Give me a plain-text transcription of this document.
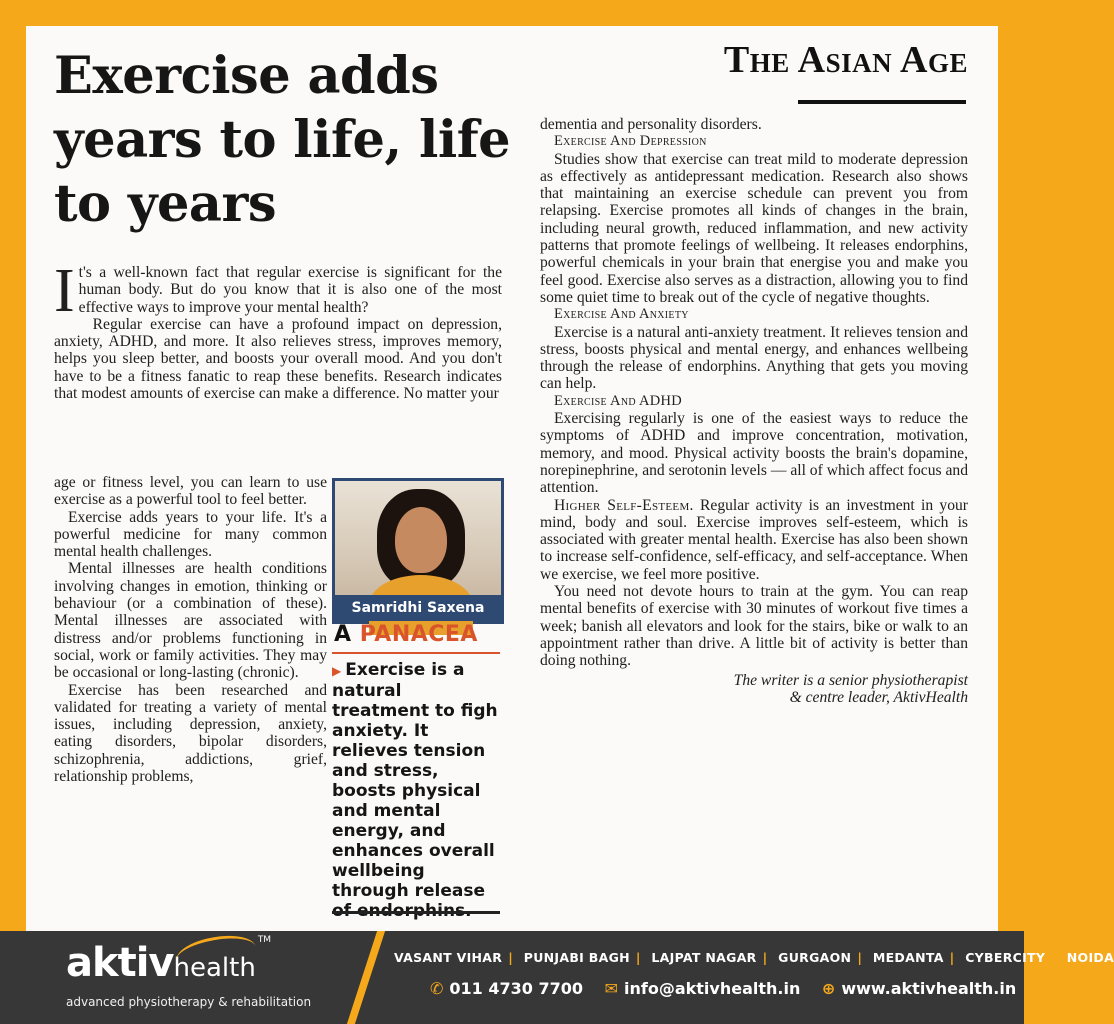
Exercise adds years to life, life to years
The Asian Age

It's a well-known fact that regular exercise is significant for the human body. But do you know that it is also one of the most effective ways to improve your mental health?

Regular exercise can have a profound impact on depression, anxiety, ADHD, and more. It also relieves stress, improves memory, helps you sleep better, and boosts your overall mood. And you don't have to be a fitness fanatic to reap these benefits. Research indicates that modest amounts of exercise can make a difference. No matter your

age or fitness level, you can learn to use exercise as a powerful tool to feel better.

Exercise adds years to your life. It's a powerful medicine for many common mental health challenges.

Mental illnesses are health conditions involving changes in emotion, thinking or behaviour (or a combination of these). Mental illnesses are associated with distress and/or problems functioning in social, work or family activities. They may be occasional or long-lasting (chronic).

Exercise has been researched and validated for treating a variety of mental issues, including depression, anxiety, eating disorders, bipolar disorders, schizophrenia, addictions, grief, relationship problems,

Samridhi Saxena
A PANACEA
▶ Exercise is a natural treatment to figh anxiety. It relieves tension and stress, boosts physical and mental energy, and enhances overall wellbeing through release

dementia and personality disorders.

Exercise And Depression

Studies show that exercise can treat mild to moderate depression as effectively as antidepressant medication. Research also shows that maintaining an exercise schedule can prevent you from relapsing. Exercise promotes all kinds of changes in the brain, including neural growth, reduced inflammation, and new activity patterns that promote feelings of wellbeing. It releases endorphins, powerful chemicals in your brain that energise you and make you feel good. Exercise also serves as a distraction, allowing you to find some quiet time to break out of the cycle of negative thoughts.

Exercise And Anxiety

Exercise is a natural anti-anxiety treatment. It relieves tension and stress, boosts physical and mental energy, and enhances wellbeing through the release of endorphins. Anything that gets you moving can help.

Exercise And ADHD

Exercising regularly is one of the easiest ways to reduce the symptoms of ADHD and improve concentration, motivation, memory, and mood. Physical activity boosts the brain's dopamine, norepinephrine, and serotonin levels — all of which affect focus and attention.

Higher Self-Esteem. Regular activity is an investment in your mind, body and soul. Exercise improves self-esteem, which is associated with greater mental health. Exercise has also been shown to increase self-confidence, self-efficacy, and self-acceptance. When we exercise, we feel more positive.

You need not devote hours to train at the gym. You can reap mental benefits of exercise with 30 minutes of workout five times a week; banish all elevators and look for the stairs, bike or walk to an appointment rather than drive. A little bit of activity is better than doing nothing.

The writer is a senior physiotherapist
& centre leader, AktivHealth

aktivhealth™
advanced physiotherapy & rehabilitation
VASANT VIHAR | PUNJABI BAGH | LAJPAT NAGAR | GURGAON | MEDANTA | CYBERCITY | NOIDA
✆ 011 4730 7700 ✉ info@aktivhealth.in ⊕ www.aktivhealth.in
